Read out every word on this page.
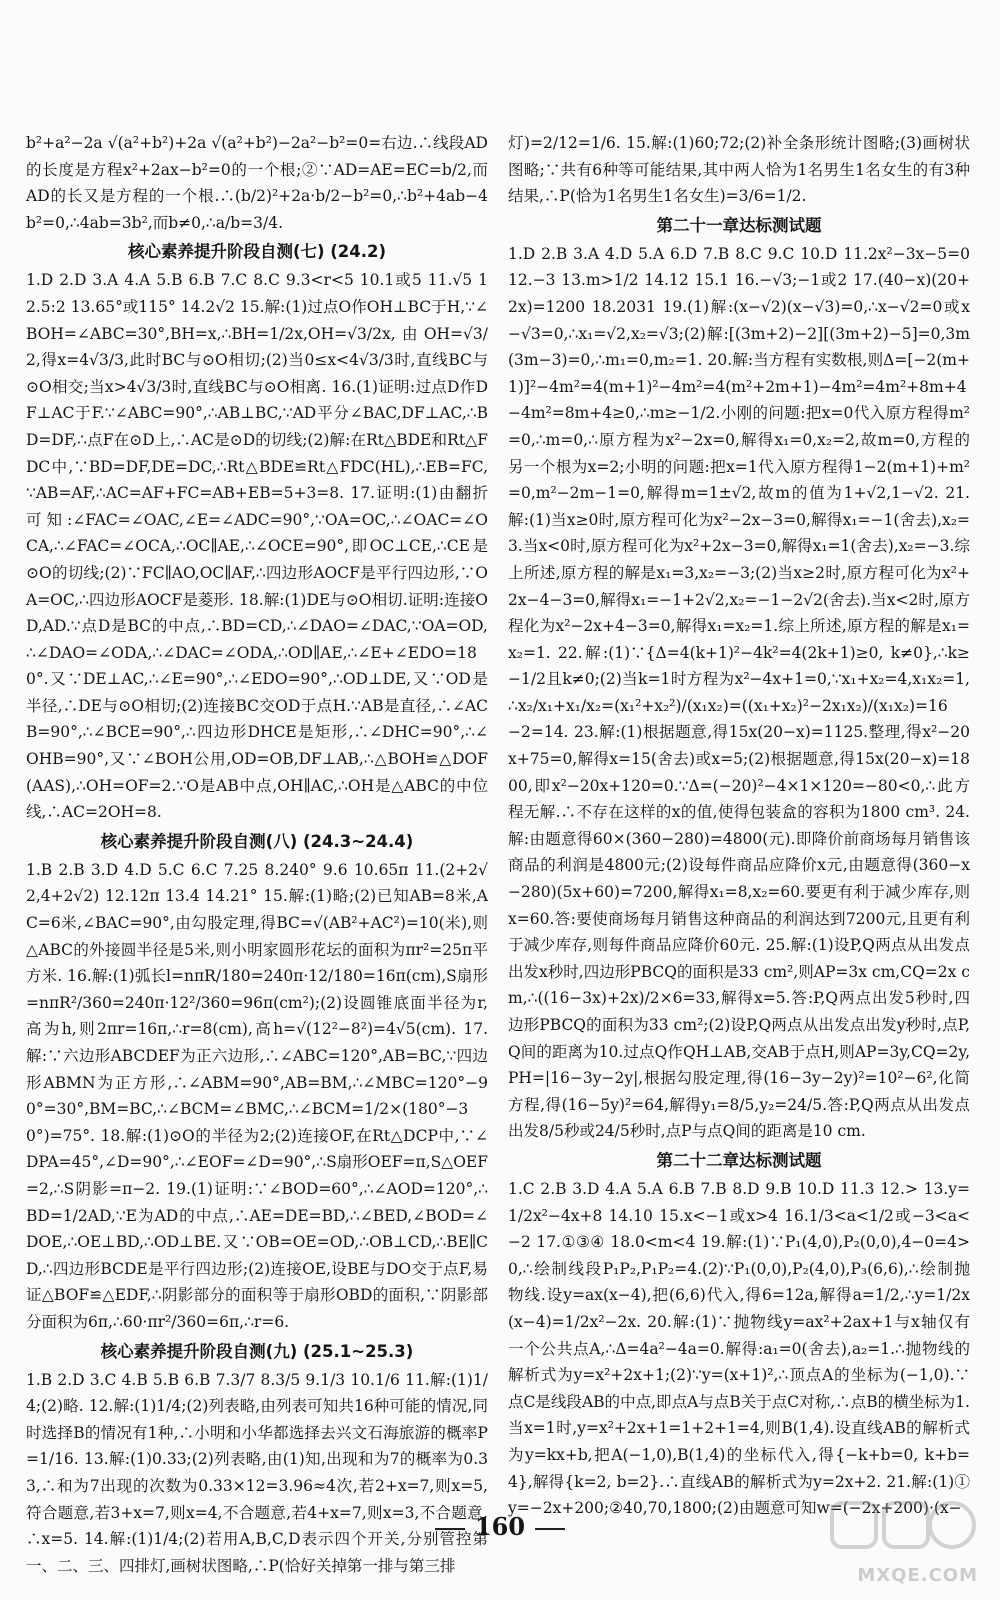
b²+a²−2a √(a²+b²)+2a √(a²+b²)−2a²−b²=0=右边.∴线段AD的长度是方程x²+2ax−b²=0的一个根;②∵AD=AE=EC=b/2,而AD的长又是方程的一个根.∴(b/2)²+2a·b/2−b²=0,∴b²+4ab−4b²=0,∴4ab=3b²,而b≠0,∴a/b=3/4.
核心素养提升阶段自测(七) (24.2)
1.D 2.D 3.A 4.A 5.B 6.B 7.C 8.C 9.3<r<5 10.1或5 11.√5 12.5:2 13.65°或115° 14.2√2 15.解:(1)过点O作OH⊥BC于H,∵∠BOH=∠ABC=30°,BH=x,∴BH=1/2x,OH=√3/2x,由OH=√3/2,得x=4√3/3,此时BC与⊙O相切;(2)当0≤x<4√3/3时,直线BC与⊙O相交;当x>4√3/3时,直线BC与⊙O相离. 16.(1)证明:过点D作DF⊥AC于F.∵∠ABC=90°,∴AB⊥BC,∵AD平分∠BAC,DF⊥AC,∴BD=DF,∴点F在⊙D上,∴AC是⊙D的切线;(2)解:在Rt△BDE和Rt△FDC中,∵BD=DF,DE=DC,∴Rt△BDE≌Rt△FDC(HL),∴EB=FC,∵AB=AF,∴AC=AF+FC=AB+EB=5+3=8. 17.证明:(1)由翻折可知:∠FAC=∠OAC,∠E=∠ADC=90°,∵OA=OC,∴∠OAC=∠OCA,∴∠FAC=∠OCA,∴OC∥AE,∴∠OCE=90°,即OC⊥CE,∴CE是⊙O的切线;(2)∵FC∥AO,OC∥AF,∴四边形AOCF是平行四边形,∵OA=OC,∴四边形AOCF是菱形. 18.解:(1)DE与⊙O相切.证明:连接OD,AD.∵点D是BC的中点,∴BD=CD,∴∠DAO=∠DAC,∵OA=OD,∴∠DAO=∠ODA,∴∠DAC=∠ODA,∴OD∥AE,∴∠E+∠EDO=180°.又∵DE⊥AC,∴∠E=90°,∴∠EDO=90°,∴OD⊥DE,又∵OD是半径,∴DE与⊙O相切;(2)连接BC交OD于点H.∵AB是直径,∴∠ACB=90°,∴∠BCE=90°,∴四边形DHCE是矩形,∴∠DHC=90°,∴∠OHB=90°,又∵∠BOH公用,OD=OB,DF⊥AB,∴△BOH≌△DOF(AAS),∴OH=OF=2.∵O是AB中点,OH∥AC,∴OH是△ABC的中位线,∴AC=2OH=8.
核心素养提升阶段自测(八) (24.3~24.4)
1.B 2.B 3.D 4.D 5.C 6.C 7.25 8.240° 9.6 10.65π 11.(2+2√2,4+2√2) 12.12π 13.4 14.21° 15.解:(1)略;(2)已知AB=8米,AC=6米,∠BAC=90°,由勾股定理,得BC=√(AB²+AC²)=10(米),则△ABC的外接圆半径是5米,则小明家圆形花坛的面积为πr²=25π平方米. 16.解:(1)弧长l=nπR/180=240π·12/180=16π(cm),S扇形=nπR²/360=240π·12²/360=96π(cm²);(2)设圆锥底面半径为r,高为h,则2πr=16π,∴r=8(cm),高h=√(12²−8²)=4√5(cm). 17.解:∵六边形ABCDEF为正六边形,∴∠ABC=120°,AB=BC,∵四边形ABMN为正方形,∴∠ABM=90°,AB=BM,∴∠MBC=120°−90°=30°,BM=BC,∴∠BCM=∠BMC,∴∠BCM=1/2×(180°−30°)=75°. 18.解:(1)⊙O的半径为2;(2)连接OF,在Rt△DCP中,∵∠DPA=45°,∠D=90°,∴∠EOF=∠D=90°,∴S扇形OEF=π,S△OEF=2,∴S阴影=π−2. 19.(1)证明:∵∠BOD=60°,∴∠AOD=120°,∴BD=1/2AD,∵E为AD的中点,∴AE=DE=BD,∴∠BED,∠BOD=∠DOE,∴OE⊥BD,∴OD⊥BE.又∵OB=OE=OD,∴OB⊥CD,∴BE∥CD,∴四边形BCDE是平行四边形;(2)连接OE,设BE与DO交于点F,易证△BOF≌△EDF,∴阴影部分的面积等于扇形OBD的面积,∵阴影部分面积为6π,∴60·πr²/360=6π,∴r=6.
核心素养提升阶段自测(九) (25.1~25.3)
1.B 2.D 3.C 4.B 5.B 6.B 7.3/7 8.3/5 9.1/3 10.1/6 11.解:(1)1/4;(2)略. 12.解:(1)1/4;(2)列表略,由列表可知共16种可能的情况,同时选择B的情况有1种,∴小明和小华都选择去兴文石海旅游的概率P=1/16. 13.解:(1)0.33;(2)列表略,由(1)知,出现和为7的概率为0.33,∴和为7出现的次数为0.33×12=3.96≈4次,若2+x=7,则x=5,符合题意,若3+x=7,则x=4,不合题意,若4+x=7,则x=3,不合题意,∴x=5. 14.解:(1)1/4;(2)若用A,B,C,D表示四个开关,分别管控第一、二、三、四排灯,画树状图略,∴P(恰好关掉第一排与第三排
灯)=2/12=1/6. 15.解:(1)60;72;(2)补全条形统计图略;(3)画树状图略;∵共有6种等可能结果,其中两人恰为1名男生1名女生的有3种结果,∴P(恰为1名男生1名女生)=3/6=1/2.
第二十一章达标测试题
1.D 2.B 3.A 4.D 5.A 6.D 7.B 8.C 9.C 10.D 11.2x²−3x−5=0 12.−3 13.m>1/2 14.12 15.1 16.−√3;−1或2 17.(40−x)(20+2x)=1200 18.2031 19.(1)解:(x−√2)(x−√3)=0,∴x−√2=0或x−√3=0,∴x₁=√2,x₂=√3;(2)解:[(3m+2)−2][(3m+2)−5]=0,3m(3m−3)=0,∴m₁=0,m₂=1. 20.解:当方程有实数根,则Δ=[−2(m+1)]²−4m²=4(m+1)²−4m²=4(m²+2m+1)−4m²=4m²+8m+4−4m²=8m+4≥0,∴m≥−1/2.小刚的问题:把x=0代入原方程得m²=0,∴m=0,∴原方程为x²−2x=0,解得x₁=0,x₂=2,故m=0,方程的另一个根为x=2;小明的问题:把x=1代入原方程得1−2(m+1)+m²=0,m²−2m−1=0,解得m=1±√2,故m的值为1+√2,1−√2. 21.解:(1)当x≥0时,原方程可化为x²−2x−3=0,解得x₁=−1(舍去),x₂=3.当x<0时,原方程可化为x²+2x−3=0,解得x₁=1(舍去),x₂=−3.综上所述,原方程的解是x₁=3,x₂=−3;(2)当x≥2时,原方程可化为x²+2x−4−3=0,解得x₁=−1+2√2,x₂=−1−2√2(舍去).当x<2时,原方程化为x²−2x+4−3=0,解得x₁=x₂=1.综上所述,原方程的解是x₁=x₂=1. 22.解:(1)∵{Δ=4(k+1)²−4k²=4(2k+1)≥0, k≠0},∴k≥−1/2且k≠0;(2)当k=1时方程为x²−4x+1=0,∵x₁+x₂=4,x₁x₂=1,∴x₂/x₁+x₁/x₂=(x₁²+x₂²)/(x₁x₂)=((x₁+x₂)²−2x₁x₂)/(x₁x₂)=16−2=14. 23.解:(1)根据题意,得15x(20−x)=1125.整理,得x²−20x+75=0,解得x=15(舍去)或x=5;(2)根据题意,得15x(20−x)=1800,即x²−20x+120=0.∵Δ=(−20)²−4×1×120=−80<0,∴此方程无解.∴不存在这样的x的值,使得包装盒的容积为1800 cm³. 24.解:由题意得60×(360−280)=4800(元).即降价前商场每月销售该商品的利润是4800元;(2)设每件商品应降价x元,由题意得(360−x−280)(5x+60)=7200,解得x₁=8,x₂=60.要更有利于减少库存,则x=60.答:要使商场每月销售这种商品的利润达到7200元,且更有利于减少库存,则每件商品应降价60元. 25.解:(1)设P,Q两点从出发点出发x秒时,四边形PBCQ的面积是33 cm²,则AP=3x cm,CQ=2x cm,∴((16−3x)+2x)/2×6=33,解得x=5.答:P,Q两点出发5秒时,四边形PBCQ的面积为33 cm²;(2)设P,Q两点从出发点出发y秒时,点P,Q间的距离为10.过点Q作QH⊥AB,交AB于点H,则AP=3y,CQ=2y,PH=|16−3y−2y|,根据勾股定理,得(16−3y−2y)²=10²−6²,化简方程,得(16−5y)²=64,解得y₁=8/5,y₂=24/5.答:P,Q两点从出发点出发8/5秒或24/5秒时,点P与点Q间的距离是10 cm.
第二十二章达标测试题
1.C 2.B 3.D 4.A 5.A 6.B 7.B 8.D 9.B 10.D 11.3 12.> 13.y=1/2x²−4x+8 14.10 15.x<−1或x>4 16.1/3<a<1/2或−3<a<−2 17.①③④ 18.0<m<4 19.解:(1)∵P₁(4,0),P₂(0,0),4−0=4>0,∴绘制线段P₁P₂,P₁P₂=4.(2)∵P₁(0,0),P₂(4,0),P₃(6,6),∴绘制抛物线.设y=ax(x−4),把(6,6)代入,得6=12a,解得a=1/2,∴y=1/2x(x−4)=1/2x²−2x. 20.解:(1)∵抛物线y=ax²+2ax+1与x轴仅有一个公共点A,∴Δ=4a²−4a=0.解得:a₁=0(舍去),a₂=1.∴抛物线的解析式为y=x²+2x+1;(2)∵y=(x+1)²,∴顶点A的坐标为(−1,0).∵点C是线段AB的中点,即点A与点B关于点C对称,∴点B的横坐标为1.当x=1时,y=x²+2x+1=1+2+1=4,则B(1,4).设直线AB的解析式为y=kx+b,把A(−1,0),B(1,4)的坐标代入,得{−k+b=0, k+b=4},解得{k=2, b=2}.∴直线AB的解析式为y=2x+2. 21.解:(1)①y=−2x+200;②40,70,1800;(2)由题意可知w=(−2x+200)·(x−
160
MXQE.COM
